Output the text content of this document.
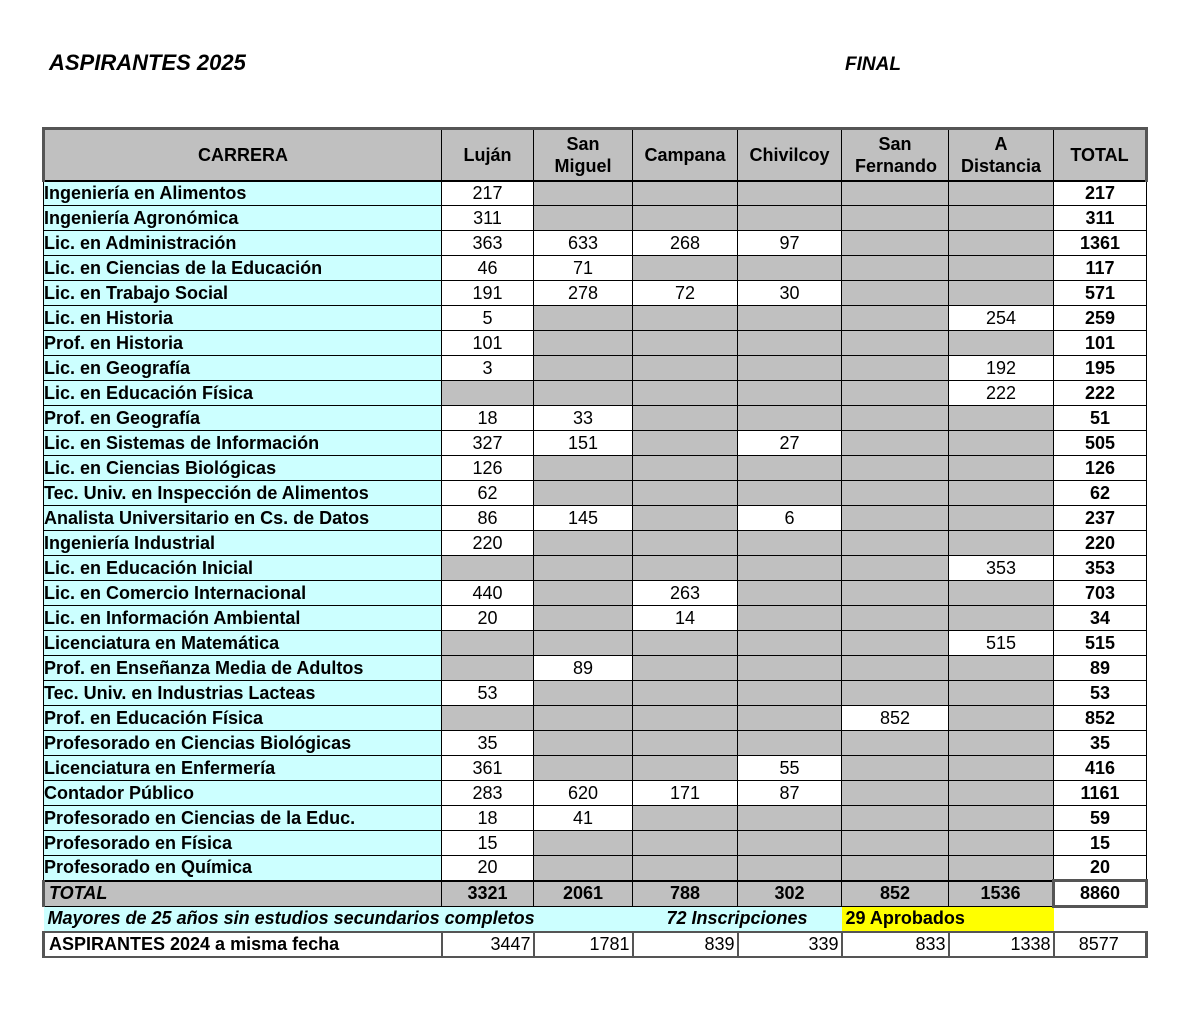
ASPIRANTES 2025	FINAL
CARRERA	Luján	San Miguel	Campana	Chivilcoy	San Fernando	A Distancia	TOTAL
Ingeniería en Alimentos	217						217
Ingeniería Agronómica	311						311
Lic. en Administración	363	633	268	97			1361
Lic. en Ciencias de la Educación	46	71					117
Lic. en Trabajo Social	191	278	72	30			571
Lic. en Historia	5					254	259
Prof. en Historia	101						101
Lic. en Geografía	3					192	195
Lic. en Educación Física						222	222
Prof. en Geografía	18	33					51
Lic. en Sistemas de Información	327	151		27			505
Lic. en Ciencias Biológicas	126						126
Tec. Univ. en Inspección de Alimentos	62						62
Analista Universitario en Cs. de Datos	86	145		6			237
Ingeniería Industrial	220						220
Lic. en Educación Inicial						353	353
Lic. en Comercio Internacional	440		263				703
Lic. en Información Ambiental	20		14				34
Licenciatura en Matemática						515	515
Prof. en Enseñanza Media de Adultos		89					89
Tec. Univ. en Industrias Lacteas	53						53
Prof. en Educación Física					852		852
Profesorado en Ciencias Biológicas	35						35
Licenciatura en Enfermería	361			55			416
Contador Público	283	620	171	87			1161
Profesorado en Ciencias de la Educ.	18	41					59
Profesorado en Física	15						15
Profesorado en Química	20						20
TOTAL	3321	2061	788	302	852	1536	8860
Mayores de 25 años sin estudios secundarios completos			72 Inscripciones		29 Aprobados		
ASPIRANTES 2024 a misma fecha	3447	1781	839	339	833	1338	8577
